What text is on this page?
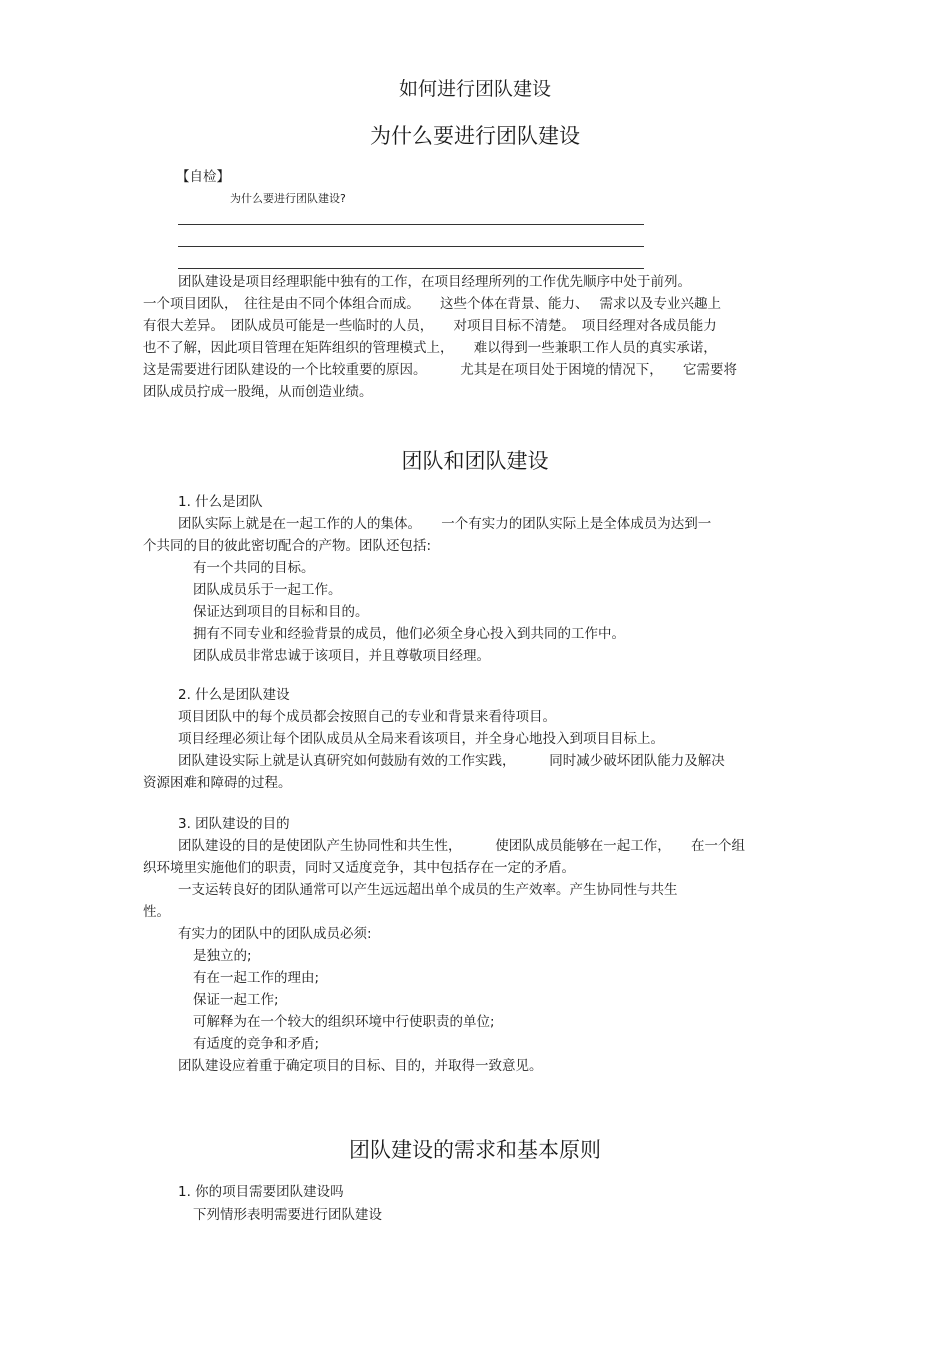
如何进行团队建设
为什么要进行团队建设
【自检】
为什么要进行团队建设?
团队建设是项目经理职能中独有的工作，在项目经理所列的工作优先顺序中处于前列。
一个项目团队，　往往是由不同个体组合而成。　　这些个体在背景、能力、　 需求以及专业兴趣上
有很大差异。　团队成员可能是一些临时的人员，　　对项目目标不清楚。　项目经理对各成员能力
也不了解，因此项目管理在矩阵组织的管理模式上，　　难以得到一些兼职工作人员的真实承诺，
这是需要进行团队建设的一个比较重要的原因。　　　尤其是在项目处于困境的情况下，　　它需要将
团队成员拧成一股绳，从而创造业绩。
团队和团队建设
1. 什么是团队
团队实际上就是在一起工作的人的集体。　　一个有实力的团队实际上是全体成员为达到一
个共同的目的彼此密切配合的产物。团队还包括:
有一个共同的目标。
团队成员乐于一起工作。
保证达到项目的目标和目的。
拥有不同专业和经验背景的成员，他们必须全身心投入到共同的工作中。
团队成员非常忠诚于该项目，并且尊敬项目经理。
2. 什么是团队建设
项目团队中的每个成员都会按照自己的专业和背景来看待项目。
项目经理必须让每个团队成员从全局来看该项目，并全身心地投入到项目目标上。
团队建设实际上就是认真研究如何鼓励有效的工作实践，　　　同时减少破坏团队能力及解决
资源困难和障碍的过程。
3. 团队建设的目的
团队建设的目的是使团队产生协同性和共生性，　　　使团队成员能够在一起工作，　　在一个组
织环境里实施他们的职责，同时又适度竞争，其中包括存在一定的矛盾。
一支运转良好的团队通常可以产生远远超出单个成员的生产效率。产生协同性与共生
性。
有实力的团队中的团队成员必须:
是独立的;
有在一起工作的理由;
保证一起工作;
可解释为在一个较大的组织环境中行使职责的单位;
有适度的竞争和矛盾;
团队建设应着重于确定项目的目标、目的，并取得一致意见。
团队建设的需求和基本原则
1. 你的项目需要团队建设吗
下列情形表明需要进行团队建设
